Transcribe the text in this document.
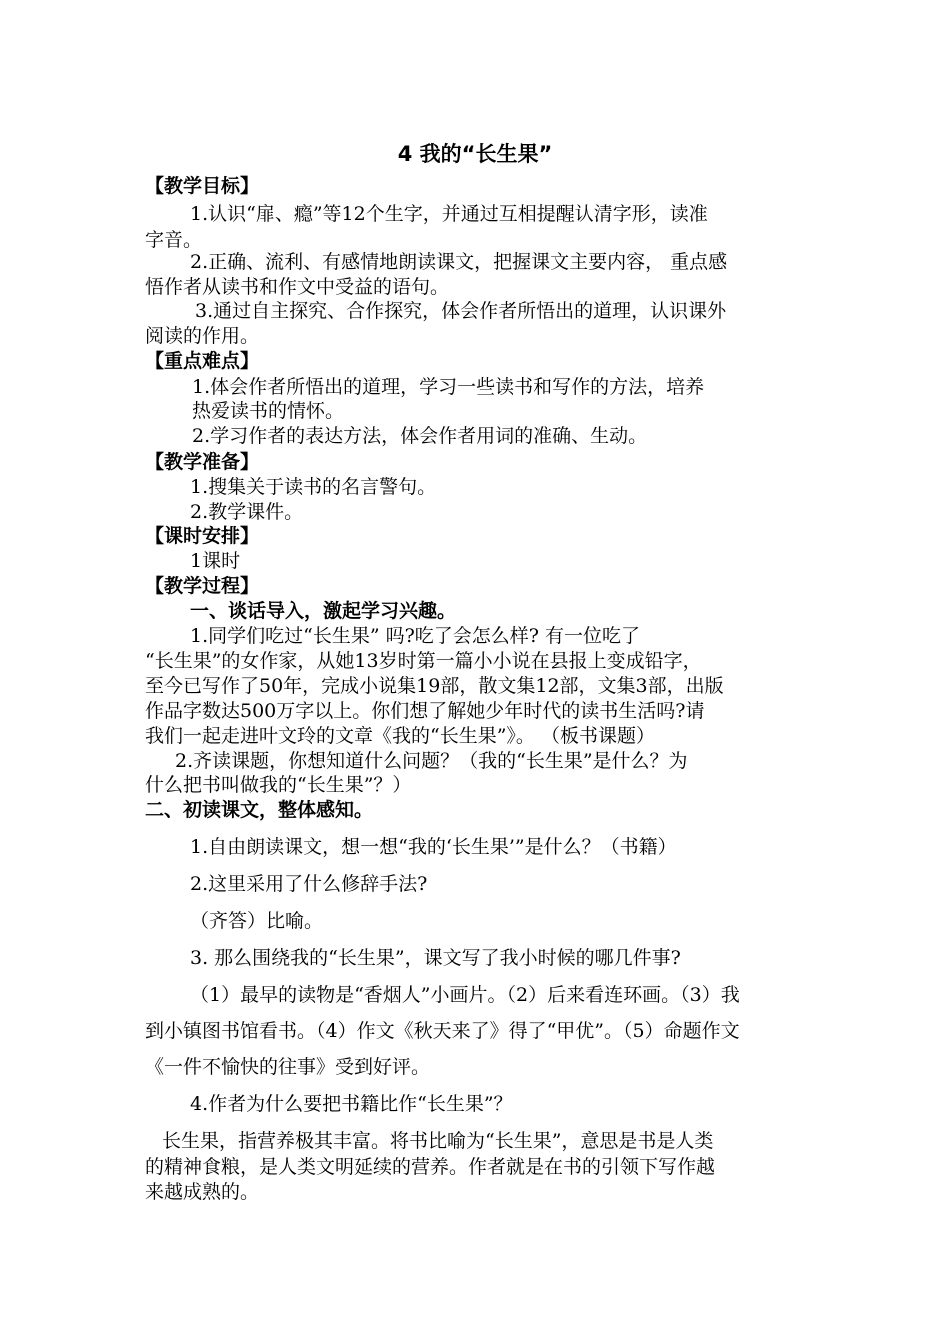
4 我的“长生果”
【教学目标】
1.认识“扉、瘾”等12个生字，并通过互相提醒认清字形，读准
字音。
2.正确、流利、有感情地朗读课文，把握课文主要内容， 重点感
悟作者从读书和作文中受益的语句。
3.通过自主探究、合作探究，体会作者所悟出的道理，认识课外
阅读的作用。
【重点难点】
1.体会作者所悟出的道理，学习一些读书和写作的方法，培养
热爱读书的情怀。
2.学习作者的表达方法，体会作者用词的准确、生动。
【教学准备】
1.搜集关于读书的名言警句。
2.教学课件。
【课时安排】
1课时
【教学过程】
一、谈话导入，激起学习兴趣。
1.同学们吃过“长生果” 吗?吃了会怎么样? 有一位吃了
“长生果”的女作家，从她13岁时第一篇小小说在县报上变成铅字，
至今已写作了50年，完成小说集19部，散文集12部，文集3部，出版
作品字数达500万字以上。你们想了解她少年时代的读书生活吗?请
我们一起走进叶文玲的文章《我的“长生果”》。 （板书课题）
2.齐读课题，你想知道什么问题？（我的“长生果”是什么？为
什么把书叫做我的“长生果”？）
二、初读课文，整体感知。
1.自由朗读课文，想一想“我的‘长生果’”是什么？（书籍）
2.这里采用了什么修辞手法?
（齐答）比喻。
3. 那么围绕我的“长生果”，课文写了我小时候的哪几件事?
（1）最早的读物是“香烟人”小画片。（2）后来看连环画。（3）我
到小镇图书馆看书。（4）作文《秋天来了》得了“甲优”。（5）命题作文
《一件不愉快的往事》受到好评。
4.作者为什么要把书籍比作“长生果”？
长生果，指营养极其丰富。将书比喻为“长生果”，意思是书是人类
的精神食粮，是人类文明延续的营养。作者就是在书的引领下写作越
来越成熟的。
